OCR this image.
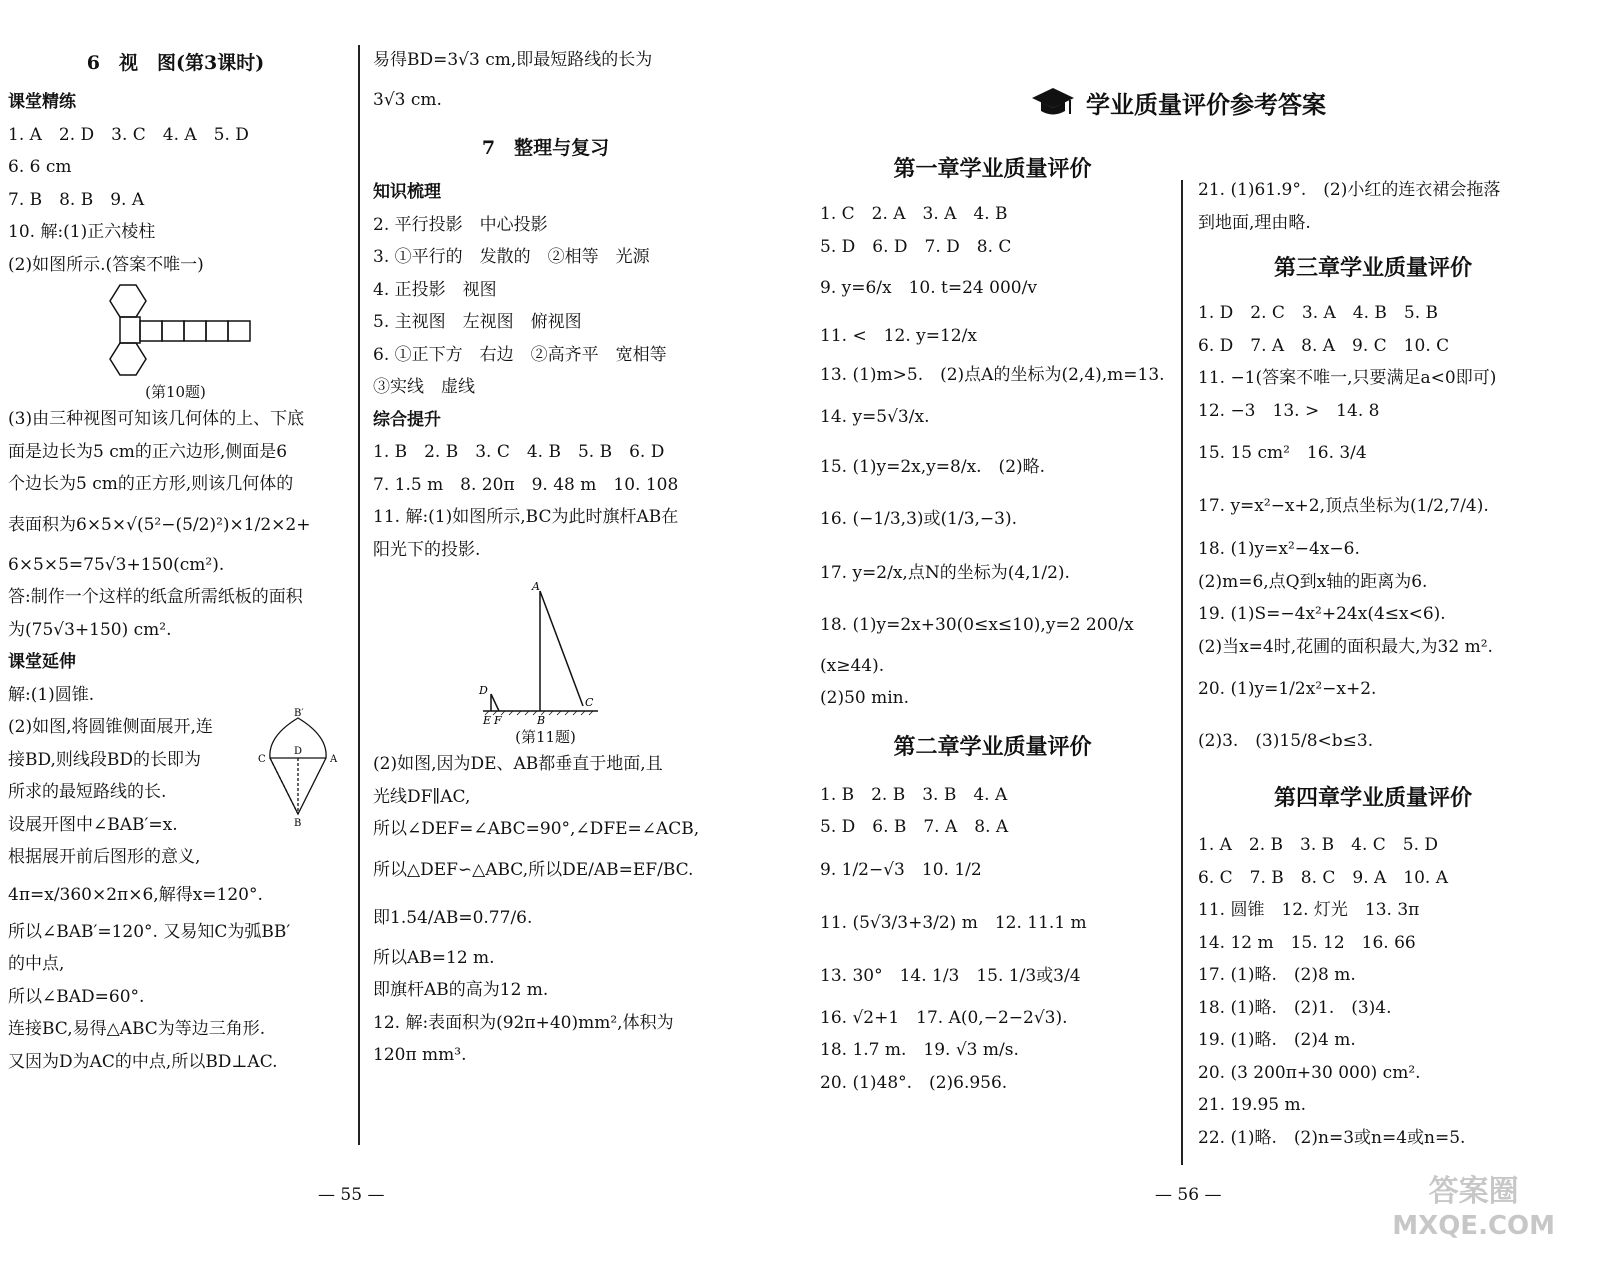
6　视　图(第3课时)
课堂精练
1. A　2. D　3. C　4. A　5. D
6. 6 cm
7. B　8. B　9. A
10. 解:(1)正六棱柱
(2)如图所示.(答案不唯一)
(第10题)
(3)由三种视图可知该几何体的上、下底
面是边长为5 cm的正六边形,侧面是6
个边长为5 cm的正方形,则该几何体的
表面积为6×5×√(5²−(5/2)²)×1/2×2+
6×5×5=75√3+150(cm²).
答:制作一个这样的纸盒所需纸板的面积
为(75√3+150) cm².
课堂延伸
解:(1)圆锥.
(2)如图,将圆锥侧面展开,连
接BD,则线段BD的长即为
所求的最短路线的长.
设展开图中∠BAB′=x.
B′
C
D
A
B
根据展开前后图形的意义,
4π=x/360×2π×6,解得x=120°.
所以∠BAB′=120°. 又易知C为弧BB′
的中点,
所以∠BAD=60°.
连接BC,易得△ABC为等边三角形.
又因为D为AC的中点,所以BD⊥AC.
易得BD=3√3 cm,即最短路线的长为
3√3 cm.
7　整理与复习
知识梳理
2. 平行投影　中心投影
3. ①平行的　发散的　②相等　光源
4. 正投影　视图
5. 主视图　左视图　俯视图
6. ①正下方　右边　②高齐平　宽相等
③实线　虚线
综合提升
1. B　2. B　3. C　4. B　5. B　6. D
7. 1.5 m　8. 20π　9. 48 m　10. 108
11. 解:(1)如图所示,BC为此时旗杆AB在
阳光下的投影.
A
D
E F	B
C
(第11题)
(2)如图,因为DE、AB都垂直于地面,且
光线DF∥AC,
所以∠DEF=∠ABC=90°,∠DFE=∠ACB,
所以△DEF∽△ABC,所以DE/AB=EF/BC.
即1.54/AB=0.77/6.
所以AB=12 m.
即旗杆AB的高为12 m.
12. 解:表面积为(92π+40)mm²,体积为
120π mm³.
— 55 —
学业质量评价参考答案
第一章学业质量评价
1. C　2. A　3. A　4. B
5. D　6. D　7. D　8. C
9. y=6/x　10. t=24 000/v
11. <　12. y=12/x
13. (1)m>5.　(2)点A的坐标为(2,4),m=13.
14. y=5√3/x.
15. (1)y=2x,y=8/x.　(2)略.
16. (−1/3,3)或(1/3,−3).
17. y=2/x,点N的坐标为(4,1/2).
18. (1)y=2x+30(0≤x≤10),y=2 200/x
(x≥44).
(2)50 min.
第二章学业质量评价
1. B　2. B　3. B　4. A
5. D　6. B　7. A　8. A
9. 1/2−√3　10. 1/2
11. (5√3/3+3/2) m　12. 11.1 m
13. 30°　14. 1/3　15. 1/3或3/4
16. √2+1　17. A(0,−2−2√3).
18. 1.7 m.　19. √3 m/s.
20. (1)48°.　(2)6.956.
21. (1)61.9°.　(2)小红的连衣裙会拖落
到地面,理由略.
第三章学业质量评价
1. D　2. C　3. A　4. B　5. B
6. D　7. A　8. A　9. C　10. C
11. −1(答案不唯一,只要满足a<0即可)
12. −3　13. >　14. 8
15. 15 cm²　16. 3/4
17. y=x²−x+2,顶点坐标为(1/2,7/4).
18. (1)y=x²−4x−6.
(2)m=6,点Q到x轴的距离为6.
19. (1)S=−4x²+24x(4≤x<6).
(2)当x=4时,花圃的面积最大,为32 m².
20. (1)y=1/2x²−x+2.
(2)3.　(3)15/8<b≤3.
第四章学业质量评价
1. A　2. B　3. B　4. C　5. D
6. C　7. B　8. C　9. A　10. A
11. 圆锥　12. 灯光　13. 3π
14. 12 m　15. 12　16. 66
17. (1)略.　(2)8 m.
18. (1)略.　(2)1.　(3)4.
19. (1)略.　(2)4 m.
20. (3 200π+30 000) cm².
21. 19.95 m.
22. (1)略.　(2)n=3或n=4或n=5.
— 56 —	答案圈
MXQE.COM
